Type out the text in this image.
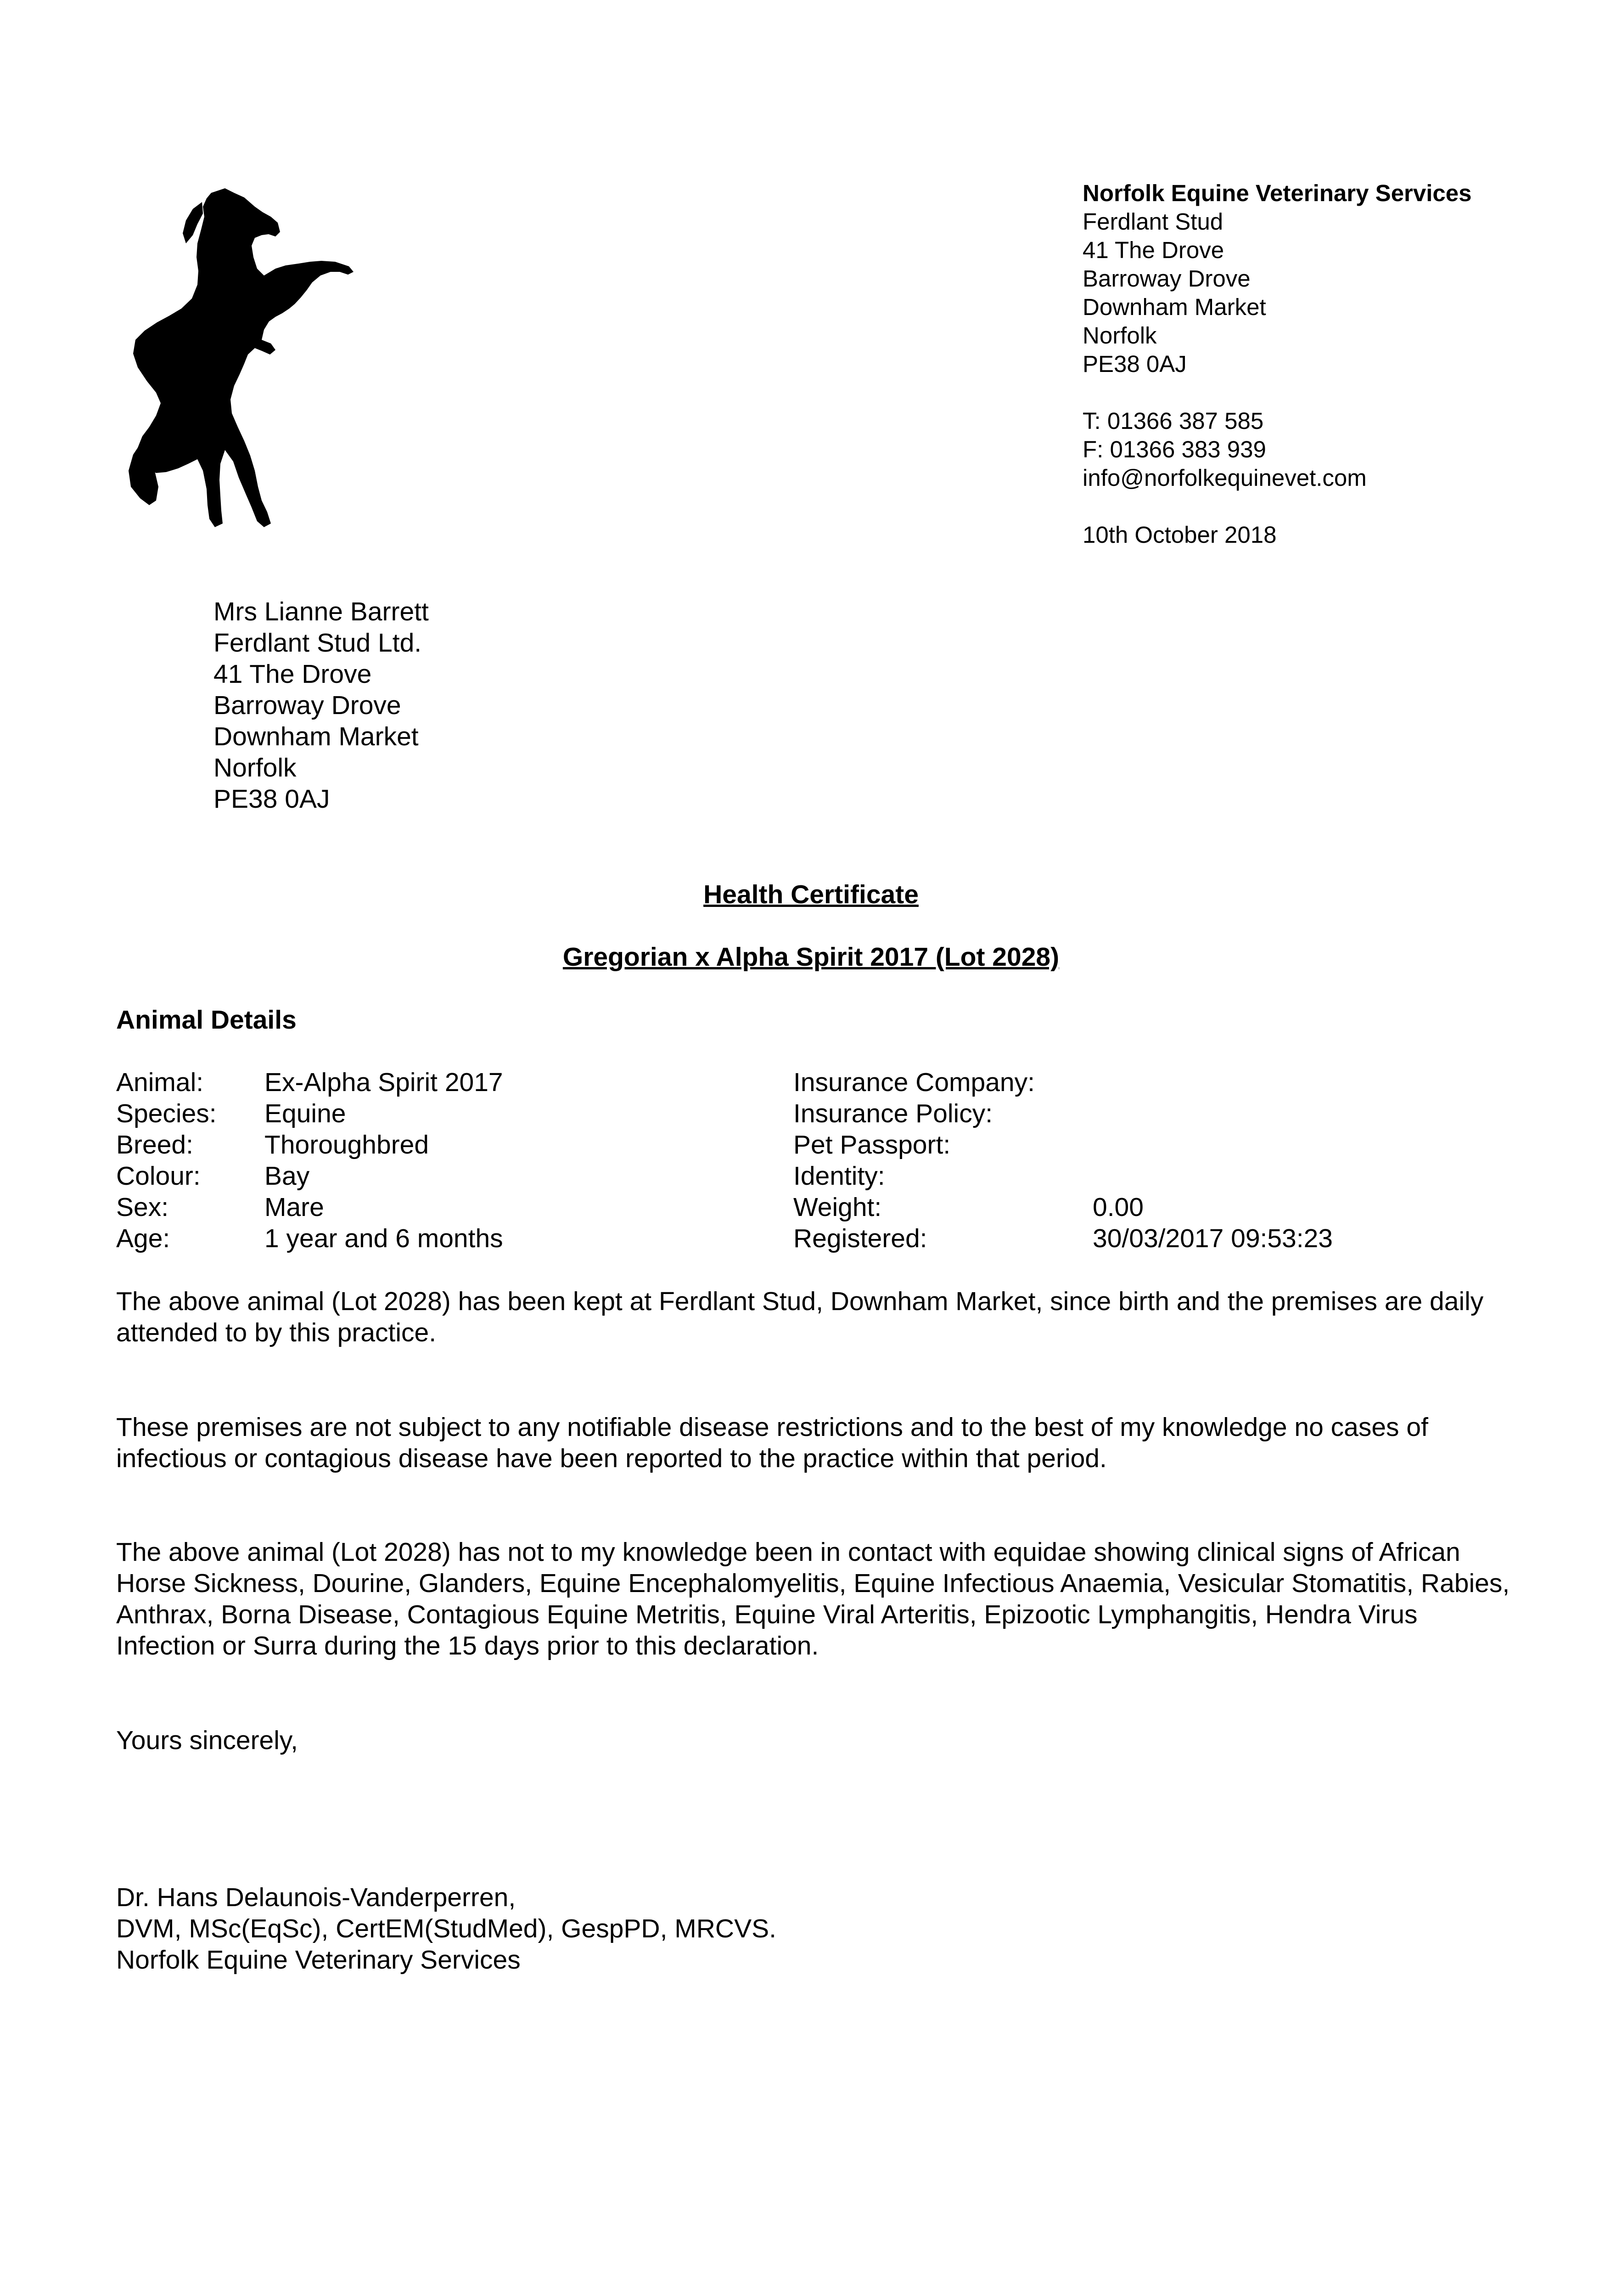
Norfolk Equine Veterinary Services
Ferdlant Stud
41 The Drove
Barroway Drove
Downham Market
Norfolk
PE38 0AJ
T: 01366 387 585
F: 01366 383 939
info@norfolkequinevet.com
10th October 2018
Mrs Lianne Barrett
Ferdlant Stud Ltd.
41 The Drove
Barroway Drove
Downham Market
Norfolk
PE38 0AJ
Health Certificate
Gregorian x Alpha Spirit 2017 (Lot 2028)
Animal Details
Animal: Ex-Alpha Spirit 2017	Insurance Company:
Species: Equine	Insurance Policy:
Breed:	Thoroughbred	Pet Passport:
Colour: Bay	Identity:
Sex:	Mare	Weight:	0.00
Age:	1 year and 6 months	Registered:	30/03/2017 09:53:23
The above animal (Lot 2028) has been kept at Ferdlant Stud, Downham Market, since birth and the premises are daily attended to by this practice.
These premises are not subject to any notifiable disease restrictions and to the best of my knowledge no cases of infectious or contagious disease have been reported to the practice within that period.
The above animal (Lot 2028) has not to my knowledge been in contact with equidae showing clinical signs of African Horse Sickness, Dourine, Glanders, Equine Encephalomyelitis, Equine Infectious Anaemia, Vesicular Stomatitis, Rabies, Anthrax, Borna Disease, Contagious Equine Metritis, Equine Viral Arteritis, Epizootic Lymphangitis, Hendra Virus Infection or Surra during the 15 days prior to this declaration.
Yours sincerely,
Dr. Hans Delaunois-Vanderperren,
DVM, MSc(EqSc), CertEM(StudMed), GespPD, MRCVS.
Norfolk Equine Veterinary Services
